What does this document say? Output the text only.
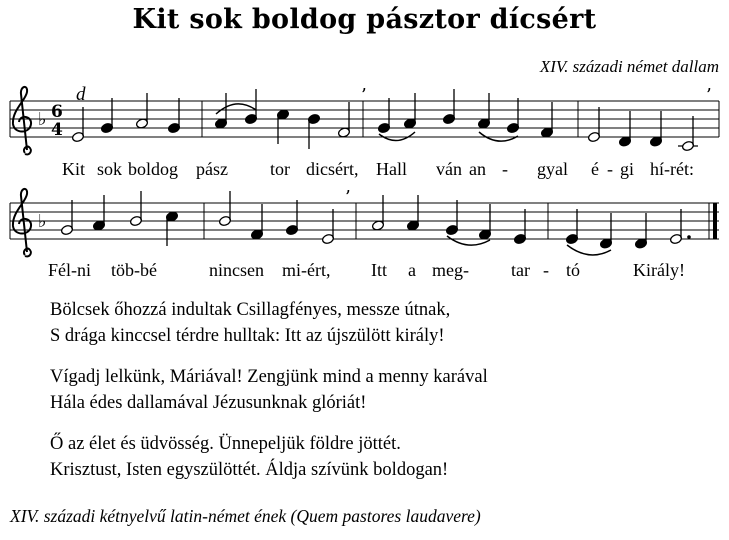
Kit sok boldog pásztor dícsért
XIV. századi német dallam
♭ 6
4
d	’	’
Kit sok boldog pász tor dicsért, Hall ván an - gyal é - gi hí-rét:
♭
’
Fél-ni töb-bé	nincsen mi-ért, Itt a meg- tar - tó	Király!
Bölcsek őhozzá indultak Csillagfényes, messze útnak,
S drága kinccsel térdre hulltak: Itt az újszülött király!
Vígadj lelkünk, Máriával! Zengjünk mind a menny karával
Hála édes dallamával Jézusunknak glóriát!
Ő az élet és üdvösség. Ünnepeljük földre jöttét.
Krisztust, Isten egyszülöttét. Áldja szívünk boldogan!
XIV. századi kétnyelvű latin-német ének (Quem pastores laudavere)
